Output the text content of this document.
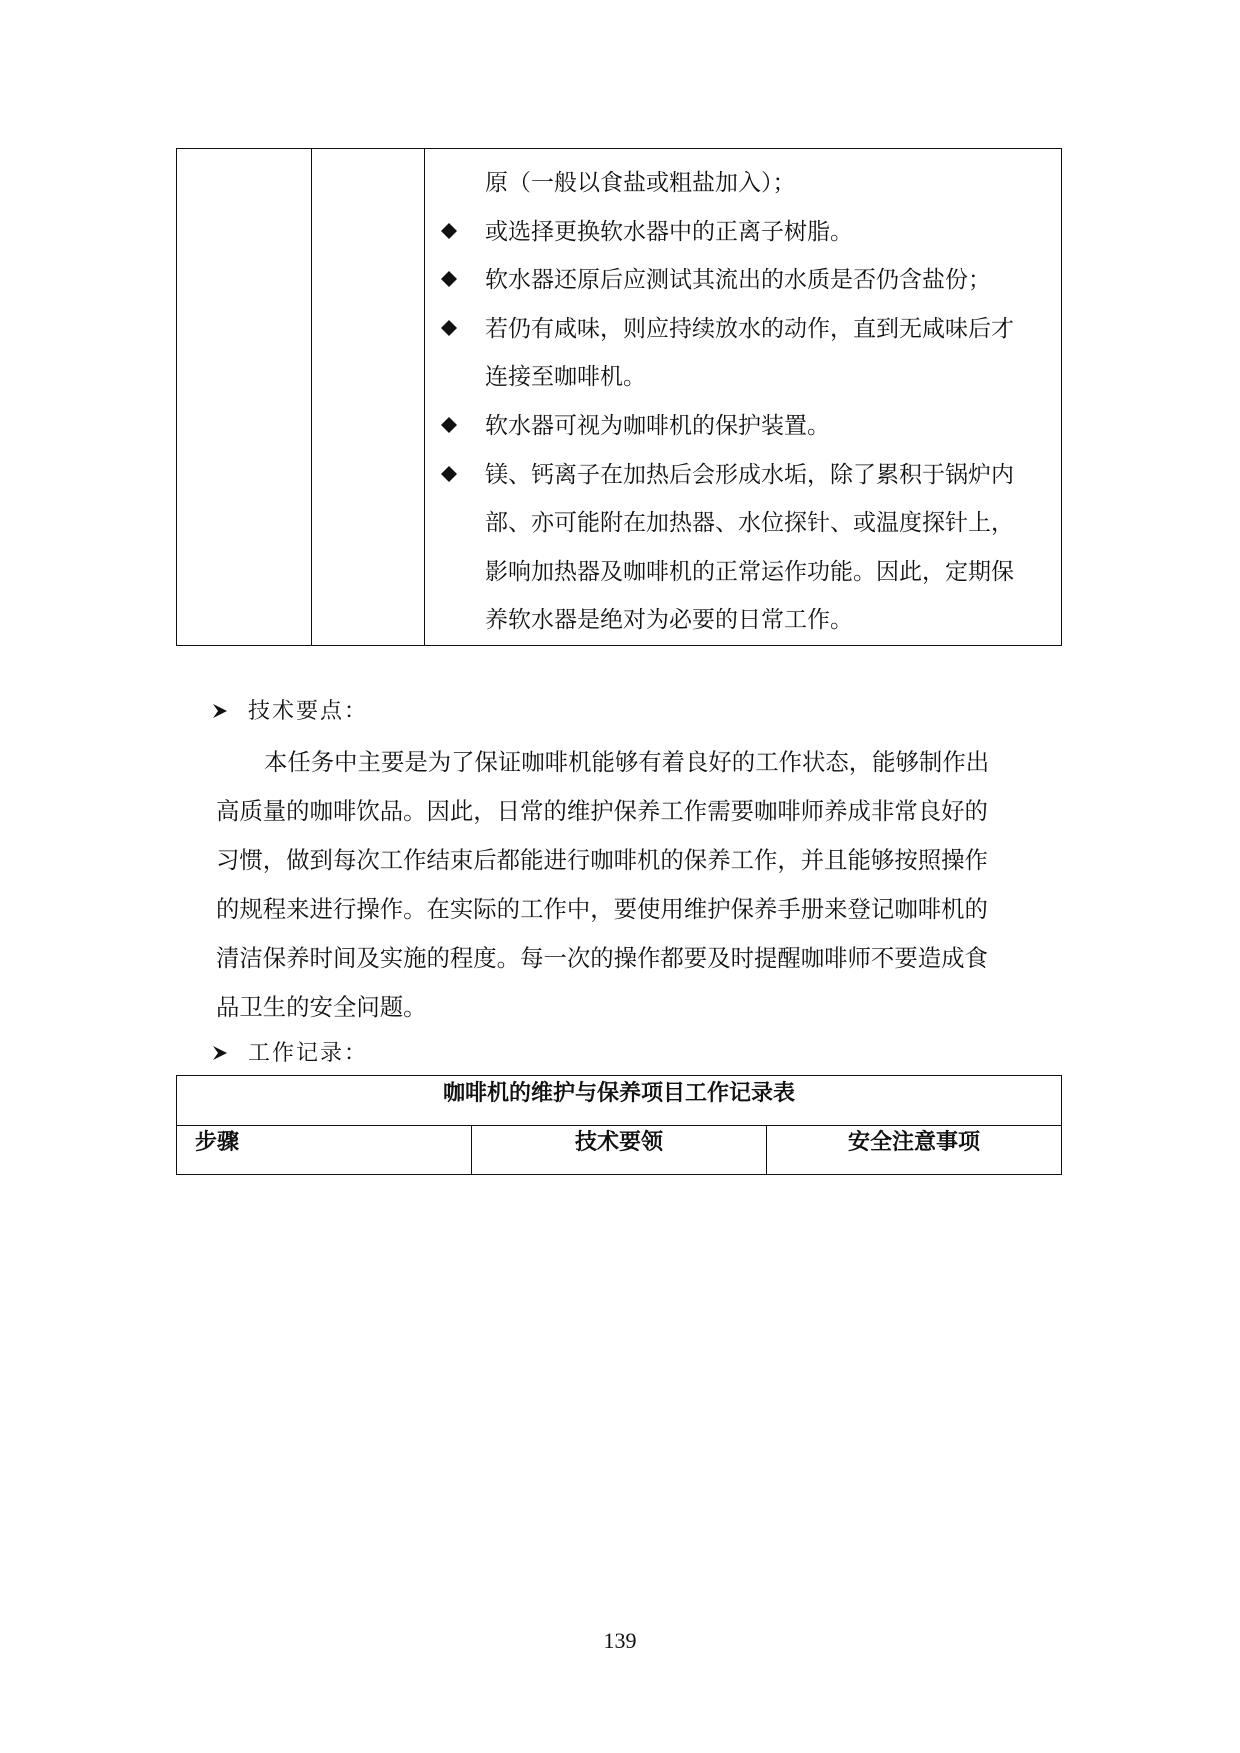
原（一般以食盐或粗盐加入）；
或选择更换软水器中的正离子树脂。
软水器还原后应测试其流出的水质是否仍含盐份；
若仍有咸味，则应持续放水的动作，直到无咸味后才
连接至咖啡机。
软水器可视为咖啡机的保护装置。
镁、钙离子在加热后会形成水垢，除了累积于锅炉内
部、亦可能附在加热器、水位探针、或温度探针上，
影响加热器及咖啡机的正常运作功能。因此，定期保
养软水器是绝对为必要的日常工作。
技术要点：
本任务中主要是为了保证咖啡机能够有着良好的工作状态，能够制作出
高质量的咖啡饮品。因此，日常的维护保养工作需要咖啡师养成非常良好的
习惯，做到每次工作结束后都能进行咖啡机的保养工作，并且能够按照操作
的规程来进行操作。在实际的工作中，要使用维护保养手册来登记咖啡机的
清洁保养时间及实施的程度。每一次的操作都要及时提醒咖啡师不要造成食
品卫生的安全问题。
工作记录：
咖啡机的维护与保养项目工作记录表
步骤	技术要领	安全注意事项
139
